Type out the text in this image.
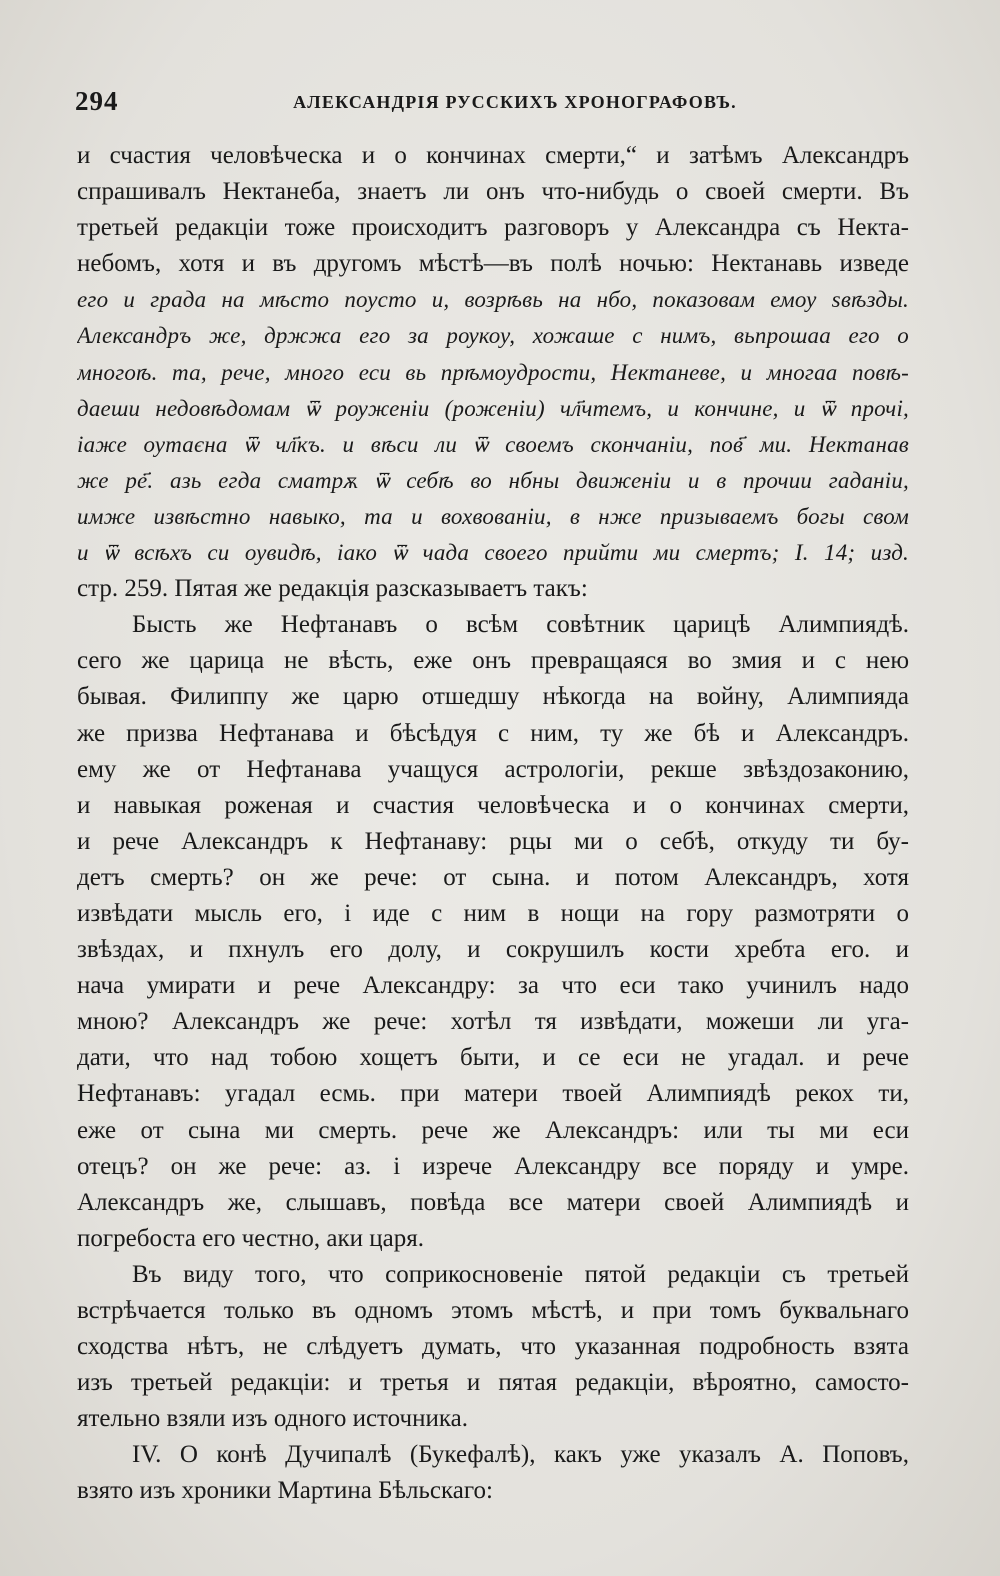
294	АЛЕКСАНДРІЯ РУССКИХЪ ХРОНОГРАФОВЪ.
и счастия человѣческа и о кончинах смерти,“ и затѣмъ Александръ
спрашивалъ Нектанеба, знаетъ ли онъ что-нибудь о своей смерти. Въ
третьей редакціи тоже происходитъ разговоръ у Александра съ Некта-
небомъ, хотя и въ другомъ мѣстѣ—въ полѣ ночью: Нектанавь изведе
его и града на мѣсто поусто и, возрѣвь на нбо, показовам емоу ѕвѣзды.
Александръ же, држжа его за рѹкоу, хожаше с нимъ, вьпрошаа его о
многоѣ. та, рече, много еси вь прѣмоудрости, Нектаневе, и многаа повѣ-
даеши недовѣдомам ѿ рѹженіи (роженіи) чл҃чтемъ, и кончине, и ѿ прочі,
іаже оутаєна ѿ чл҃къ. и вѣси ли ѿ своемъ скончаніи, пов҃ ми. Нектанав
же ре҃. азь егда сматрѫ ѿ себѣ во нбны движеніи и в прочии гаданіи,
имже извѣстно навыко, та и вохвованіи, в нже призываемъ богы свом
и ѿ всѣхъ си оувидѣ, іако ѿ чада своего прийти ми смертъ; І. 14; изд.
стр. 259. Пятая же редакція разсказываетъ такъ:
Бысть же Нефтанавъ о всѣм совѣтник царицѣ Алимпиядѣ.
сего же царица не вѣсть, еже онъ превращаяся во змия и с нею
бывая. Филиппу же царю отшедшу нѣкогда на войну, Алимпияда
же призва Нефтанава и бѣсѣдуя с ним, ту же бѣ и Александръ.
ему же от Нефтанава учащуся астрологіи, рекше звѣздозаконию,
и навыкая роженая и счастия человѣческа и о кончинах смерти,
и рече Александръ к Нефтанаву: рцы ми о себѣ, откуду ти бу-
детъ смерть? он же рече: от сына. и потом Александръ, хотя
извѣдати мысль его, і иде с ним в нощи на гору размотряти о
звѣздах, и пхнулъ его долу, и сокрушилъ кости хребта его. и
нача умирати и рече Александру: за что еси тако учинилъ надо
мною? Александръ же рече: хотѣл тя извѣдати, можеши ли уга-
дати, что над тобою хощетъ быти, и се еси не угадал. и рече
Нефтанавъ: угадал есмь. при матери твоей Алимпиядѣ рекох ти,
еже от сына ми смерть. рече же Александръ: или ты ми еси
отецъ? он же рече: аз. і изрече Александру все поряду и умре.
Александръ же, слышавъ, повѣда все матери своей Алимпиядѣ и
погребоста его честно, аки царя.
Въ виду того, что соприкосновеніе пятой редакціи съ третьей
встрѣчается только въ одномъ этомъ мѣстѣ, и при томъ буквальнаго
сходства нѣтъ, не слѣдуетъ думать, что указанная подробность взята
изъ третьей редакціи: и третья и пятая редакціи, вѣроятно, самосто-
ятельно взяли изъ одного источника.
IV. О конѣ Дучипалѣ (Букефалѣ), какъ уже указалъ А. Поповъ,
взято изъ хроники Мартина Бѣльскаго:
